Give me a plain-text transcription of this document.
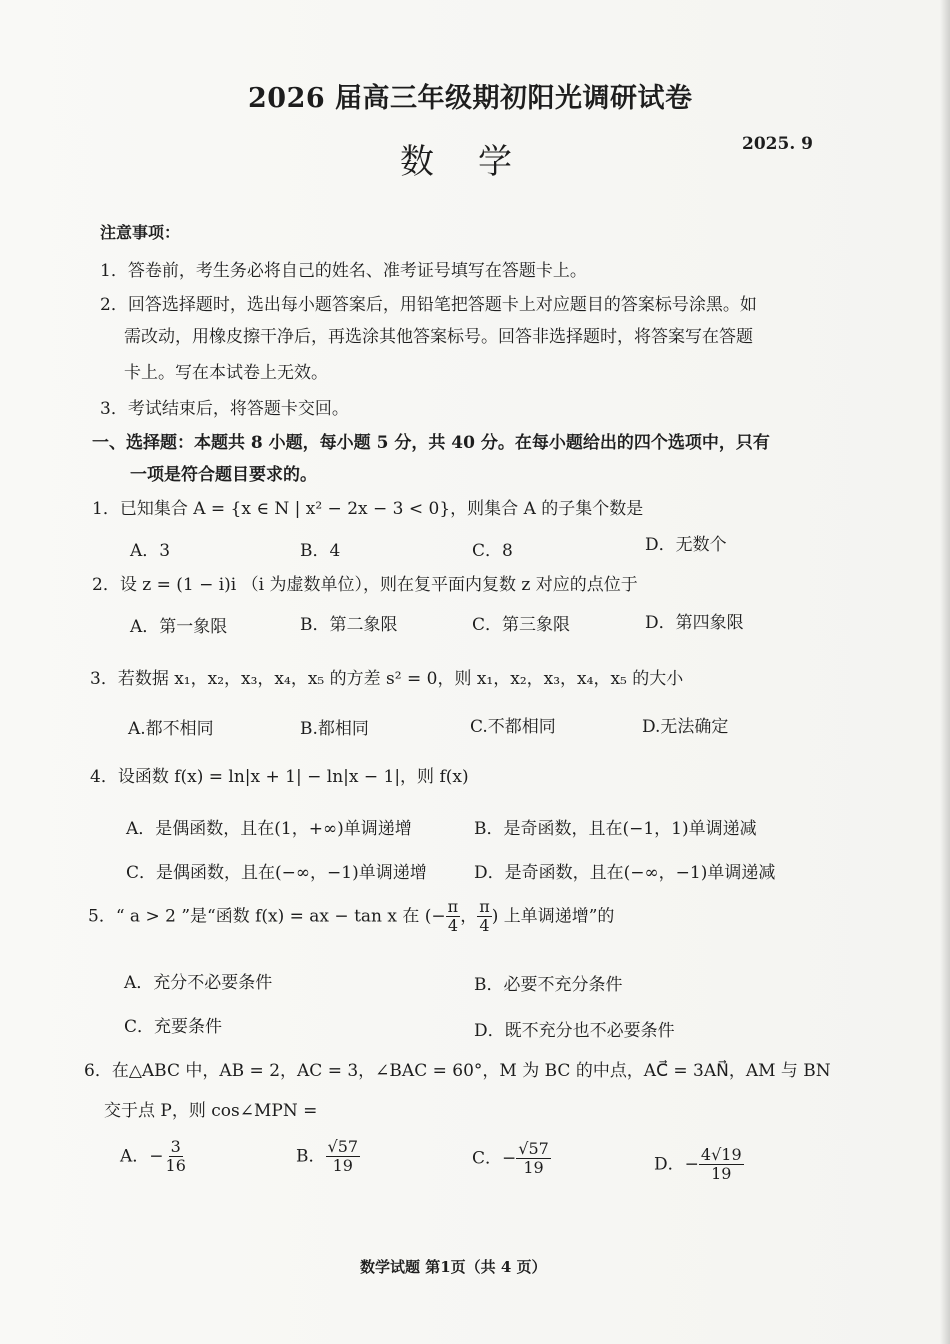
2026 届高三年级期初阳光调研试卷
数学	2025. 9
注意事项：
1．答卷前，考生务必将自己的姓名、准考证号填写在答题卡上。
2．回答选择题时，选出每小题答案后，用铅笔把答题卡上对应题目的答案标号涂黑。如
需改动，用橡皮擦干净后，再选涂其他答案标号。回答非选择题时，将答案写在答题
卡上。写在本试卷上无效。
3．考试结束后，将答题卡交回。
一、选择题：本题共 8 小题，每小题 5 分，共 40 分。在每小题给出的四个选项中，只有
一项是符合题目要求的。
1．已知集合 A = {x ∈ N | x² − 2x − 3 < 0}，则集合 A 的子集个数是
A．3	B．4	C．8	D．无数个
2．设 z = (1 − i)i （i 为虚数单位），则在复平面内复数 z 对应的点位于
A．第一象限	B．第二象限	C．第三象限	D．第四象限
3．若数据 x₁，x₂，x₃，x₄，x₅ 的方差 s² = 0，则 x₁，x₂，x₃，x₄，x₅ 的大小
A.都不相同	B.都相同	C.不都相同	D.无法确定
4．设函数 f(x) = ln|x + 1| − ln|x − 1|，则 f(x)
A．是偶函数，且在(1，+∞)单调递增	B．是奇函数，且在(−1，1)单调递减
C．是偶函数，且在(−∞，−1)单调递增	D．是奇函数，且在(−∞，−1)单调递减
5．“ a > 2 ”是“函数 f(x) = ax − tan x 在 (− $\frac{\pi}{4}$ ， $\frac{\pi}{4}$ ) 上单调递增”的
A．充分不必要条件	B．必要不充分条件
C．充要条件	D．既不充分也不必要条件
6．在△ABC 中，AB = 2，AC = 3，∠BAC = 60°，M 为 BC 的中点，AC⃗ = 3AN⃗，AM 与 BN
交于点 P，则 cos∠MPN =
A．− $\frac{3}{16}$	B． $\frac{√57}{19}$	C．− $\frac{√57}{19}$	D．− $\frac{4√19}{19}$
数学试题 第1页（共 4 页）
